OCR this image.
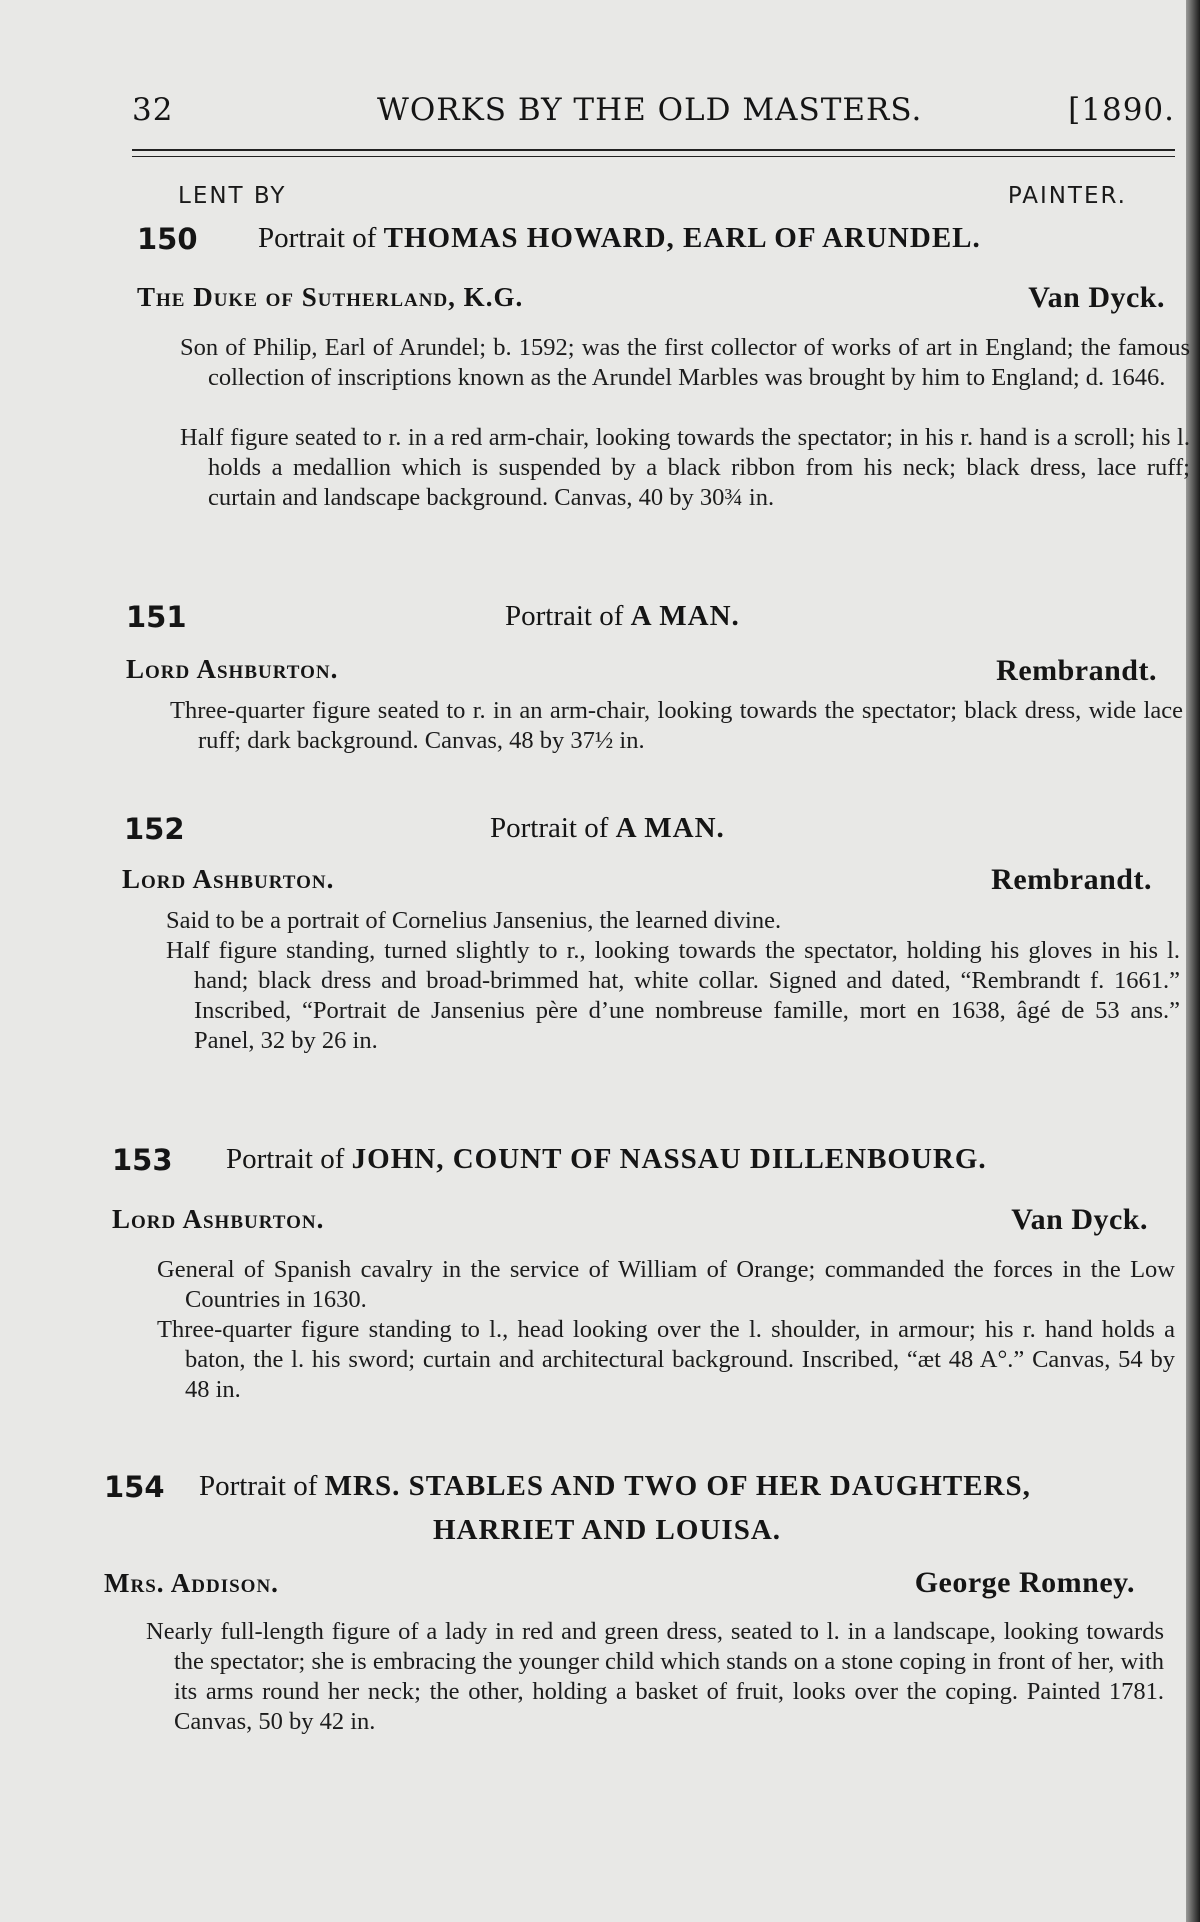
32	WORKS BY THE OLD MASTERS.	[1890.
LENT BY	PAINTER.
150 Portrait of THOMAS HOWARD, EARL OF ARUNDEL.
The Duke of Sutherland, K.G.	Van Dyck.
Son of Philip, Earl of Arundel; b. 1592; was the first collector of works of art in England; the famous collection of inscriptions known as the Arundel Marbles was brought by him to England; d. 1646.
Half figure seated to r. in a red arm-chair, looking towards the spectator; in his r. hand is a scroll; his l. holds a medallion which is suspended by a black ribbon from his neck; black dress, lace ruff; curtain and landscape background. Canvas, 40 by 30¾ in.
151	Portrait of A MAN.
Lord Ashburton.	Rembrandt.
Three-quarter figure seated to r. in an arm-chair, looking towards the spectator; black dress, wide lace ruff; dark background. Canvas, 48 by 37½ in.
152	Portrait of A MAN.
Lord Ashburton.	Rembrandt.
Said to be a portrait of Cornelius Jansenius, the learned divine.
Half figure standing, turned slightly to r., looking towards the spectator, holding his gloves in his l. hand; black dress and broad-brimmed hat, white collar. Signed and dated, “Rembrandt f. 1661.” Inscribed, “Portrait de Jansenius père d’une nombreuse famille, mort en 1638, âgé de 53 ans.” Panel, 32 by 26 in.
153 Portrait of JOHN, COUNT OF NASSAU DILLENBOURG.
Lord Ashburton.	Van Dyck.
General of Spanish cavalry in the service of William of Orange; commanded the forces in the Low Countries in 1630.
Three-quarter figure standing to l., head looking over the l. shoulder, in armour; his r. hand holds a baton, the l. his sword; curtain and architectural background. Inscribed, “æt 48 A°.” Canvas, 54 by 48 in.
154 Portrait of MRS. STABLES AND TWO OF HER DAUGHTERS,
HARRIET AND LOUISA.
Mrs. Addison.	George Romney.
Nearly full-length figure of a lady in red and green dress, seated to l. in a landscape, looking towards the spectator; she is embracing the younger child which stands on a stone coping in front of her, with its arms round her neck; the other, holding a basket of fruit, looks over the coping. Painted 1781. Canvas, 50 by 42 in.
